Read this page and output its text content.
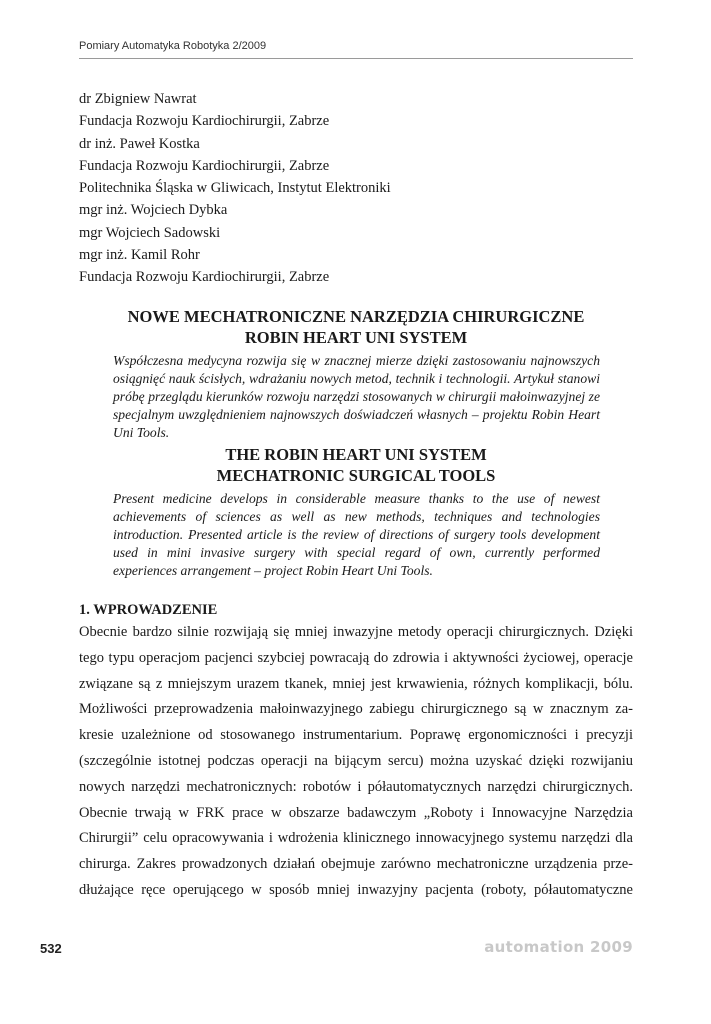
Pomiary Automatyka Robotyka 2/2009
dr Zbigniew Nawrat
Fundacja Rozwoju Kardiochirurgii, Zabrze
dr inż. Paweł Kostka
Fundacja Rozwoju Kardiochirurgii, Zabrze
Politechnika Śląska w Gliwicach, Instytut Elektroniki
mgr inż. Wojciech Dybka
mgr Wojciech Sadowski
mgr inż. Kamil Rohr
Fundacja Rozwoju Kardiochirurgii, Zabrze
NOWE MECHATRONICZNE NARZĘDZIA CHIRURGICZNE
ROBIN HEART UNI SYSTEM
Współczesna medycyna rozwija się w znacznej mierze dzięki zastosowaniu najnowszych osiągnięć nauk ścisłych, wdrażaniu nowych metod, technik i technologii. Artykuł stanowi próbę przeglądu kierunków rozwoju narzędzi stosowanych w chirurgii małoinwazyjnej ze specjalnym uwzględnieniem najnowszych doświadczeń własnych – projektu Robin Heart Uni Tools.
THE ROBIN HEART UNI SYSTEM
MECHATRONIC SURGICAL TOOLS
Present medicine develops in considerable measure thanks to the use of newest achievements of sciences as well as new methods, techniques and technologies introduction. Presented article is the review of directions of surgery tools development used in mini invasive surgery with special regard of own, currently performed experiences arrangement – project Robin Heart Uni Tools.
1. WPROWADZENIE
Obecnie bardzo silnie rozwijają się mniej inwazyjne metody operacji chirurgicznych. Dzięki
tego typu operacjom pacjenci szybciej powracają do zdrowia i aktywności życiowej, operacje
związane są z mniejszym urazem tkanek, mniej jest krwawienia, różnych komplikacji, bólu.
Możliwości przeprowadzenia małoinwazyjnego zabiegu chirurgicznego są w znacznym za-
kresie uzależnione od stosowanego instrumentarium. Poprawę ergonomiczności i precyzji
(szczególnie istotnej podczas operacji na bijącym sercu) można uzyskać dzięki rozwijaniu
nowych narzędzi mechatronicznych: robotów i półautomatycznych narzędzi chirurgicznych.
Obecnie trwają w FRK prace w obszarze badawczym „Roboty i Innowacyjne Narzędzia
Chirurgii” celu opracowywania i wdrożenia klinicznego innowacyjnego systemu narzędzi dla
chirurga. Zakres prowadzonych działań obejmuje zarówno mechatroniczne urządzenia prze-
dłużające ręce operującego w sposób mniej inwazyjny pacjenta (roboty, półautomatyczne
532	automation 2009
